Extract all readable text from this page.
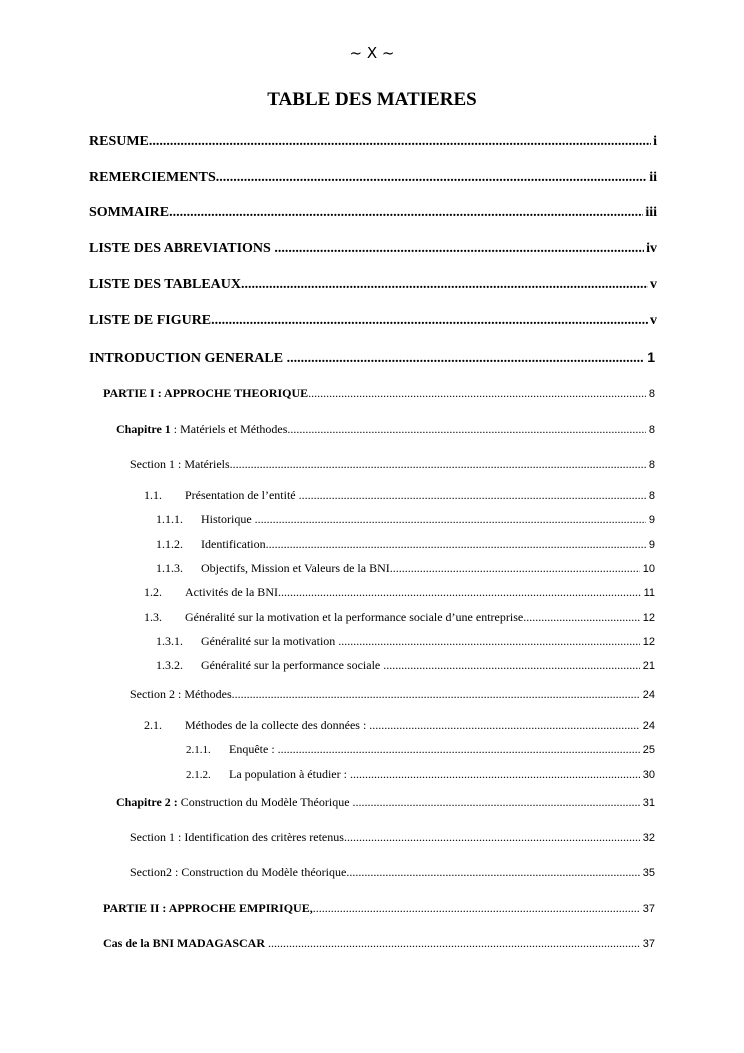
~ X ~
TABLE DES MATIERES
RESUME .....	i
REMERCIEMENTS .....	ii
SOMMAIRE .....	iii
LISTE DES ABREVIATIONS .....	iv
LISTE DES TABLEAUX .....	v
LISTE DE FIGURE .....	v
INTRODUCTION GENERALE .....	1
PARTIE I : APPROCHE THEORIQUE .....	8
Chapitre 1 : Matériels et Méthodes .....	8
Section 1 : Matériels .....	8
1.1.	Présentation de l’entité .....	8
1.1.1.	Historique .....	9
1.1.2.	Identification .....	9
1.1.3.	Objectifs, Mission et Valeurs de la BNI .....	10
1.2.	Activités de la BNI .....	11
1.3.	Généralité sur la motivation et la performance sociale d’une entreprise .....	12
1.3.1.	Généralité sur la motivation .....	12
1.3.2.	Généralité sur la performance sociale .....	21
Section 2 : Méthodes .....	24
2.1.	Méthodes de la collecte des données : .....	24
2.1.1.	Enquête : .....	25
2.1.2.	La population à étudier : .....	30
Chapitre 2 : Construction du Modèle Théorique .....	31
Section 1 : Identification des critères retenus .....	32
Section2 : Construction du Modèle théorique .....	35
PARTIE II : APPROCHE EMPIRIQUE, .....	37
Cas de la BNI MADAGASCAR .....	37
